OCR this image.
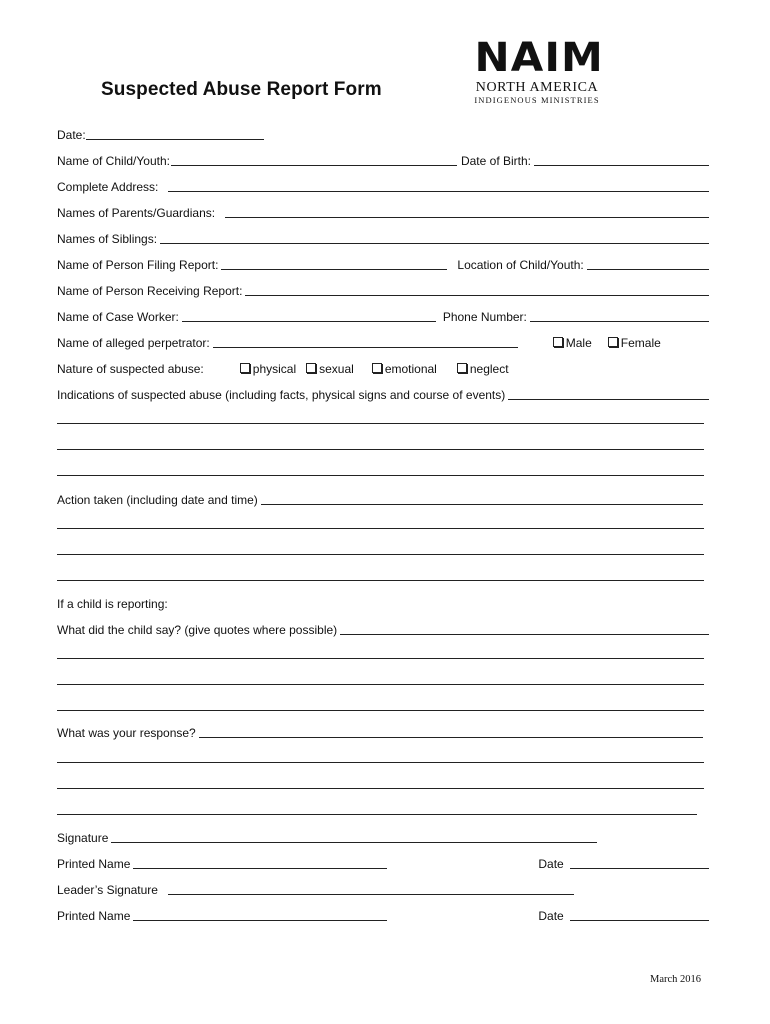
Suspected Abuse Report Form
NAIM
NORTH AMERICA
INDIGENOUS MINISTRIES
Date:
Name of Child/Youth:	Date of Birth:
Complete Address:
Names of Parents/Guardians:
Names of Siblings:
Name of Person Filing Report:	Location of Child/Youth:
Name of Person Receiving Report:
Name of Case Worker:	Phone Number:
Name of alleged perpetrator:	Male Female
Nature of suspected abuse:	physical sexual	emotional	neglect
Indications of suspected abuse (including facts, physical signs and course of events)
Action taken (including date and time)
If a child is reporting:
What did the child say? (give quotes where possible)
What was your response?
Signature
Printed Name	Date
Leader’s Signature
Printed Name	Date
March 2016
